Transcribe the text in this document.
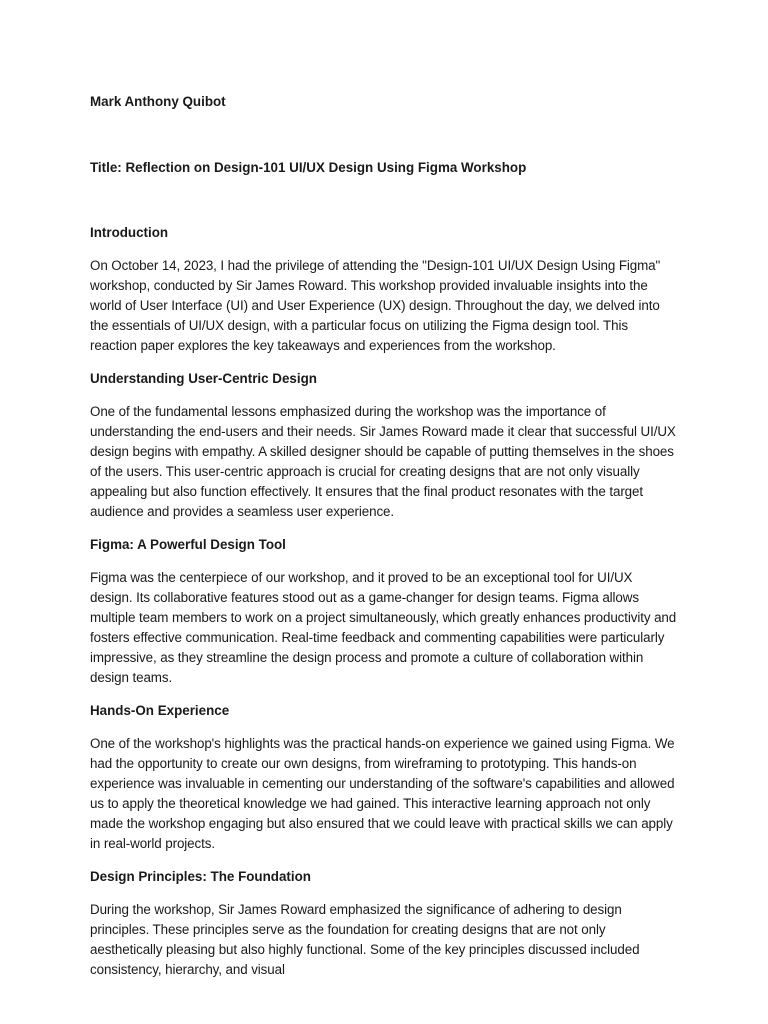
Mark Anthony Quibot

Title: Reflection on Design-101 UI/UX Design Using Figma Workshop

Introduction

On October 14, 2023, I had the privilege of attending the "Design-101 UI/UX Design Using Figma" workshop, conducted by Sir James Roward. This workshop provided invaluable insights into the world of User Interface (UI) and User Experience (UX) design. Throughout the day, we delved into the essentials of UI/UX design, with a particular focus on utilizing the Figma design tool. This reaction paper explores the key takeaways and experiences from the workshop.

Understanding User-Centric Design

One of the fundamental lessons emphasized during the workshop was the importance of understanding the end-users and their needs. Sir James Roward made it clear that successful UI/UX design begins with empathy. A skilled designer should be capable of putting themselves in the shoes of the users. This user-centric approach is crucial for creating designs that are not only visually appealing but also function effectively. It ensures that the final product resonates with the target audience and provides a seamless user experience.

Figma: A Powerful Design Tool

Figma was the centerpiece of our workshop, and it proved to be an exceptional tool for UI/UX design. Its collaborative features stood out as a game-changer for design teams. Figma allows multiple team members to work on a project simultaneously, which greatly enhances productivity and fosters effective communication. Real-time feedback and commenting capabilities were particularly impressive, as they streamline the design process and promote a culture of collaboration within design teams.

Hands-On Experience

One of the workshop's highlights was the practical hands-on experience we gained using Figma. We had the opportunity to create our own designs, from wireframing to prototyping. This hands-on experience was invaluable in cementing our understanding of the software's capabilities and allowed us to apply the theoretical knowledge we had gained. This interactive learning approach not only made the workshop engaging but also ensured that we could leave with practical skills we can apply in real-world projects.

Design Principles: The Foundation

During the workshop, Sir James Roward emphasized the significance of adhering to design principles. These principles serve as the foundation for creating designs that are not only aesthetically pleasing but also highly functional. Some of the key principles discussed included consistency, hierarchy, and visual
